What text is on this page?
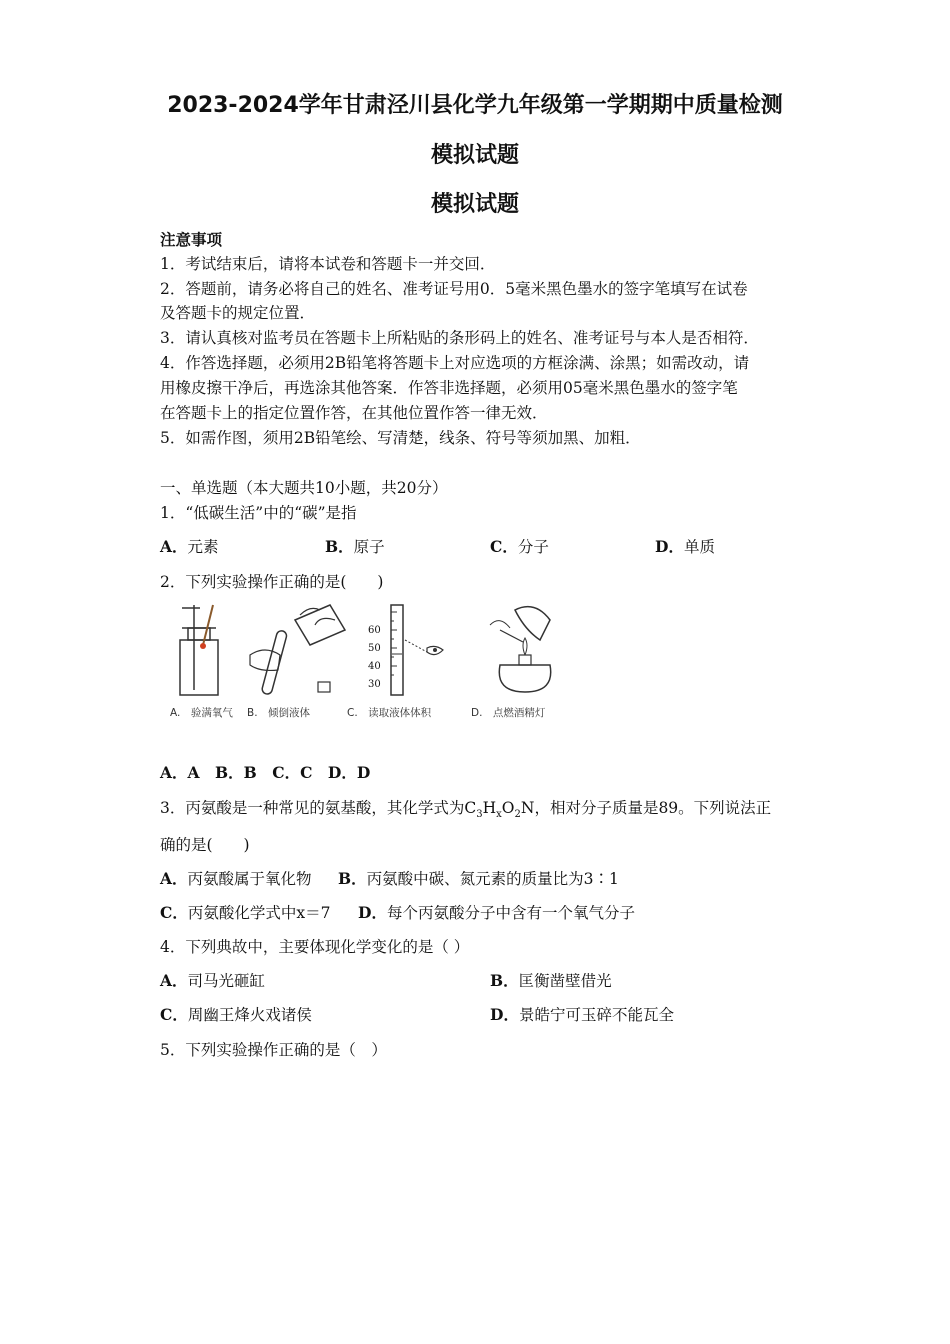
2023-2024学年甘肃泾川县化学九年级第一学期期中质量检测
模拟试题
模拟试题
注意事项
1．考试结束后，请将本试卷和答题卡一并交回．
2．答题前，请务必将自己的姓名、准考证号用0．5毫米黑色墨水的签字笔填写在试卷
及答题卡的规定位置．
3．请认真核对监考员在答题卡上所粘贴的条形码上的姓名、准考证号与本人是否相符．
4．作答选择题，必须用2B铅笔将答题卡上对应选项的方框涂满、涂黑；如需改动，请
用橡皮擦干净后，再选涂其他答案．作答非选择题，必须用05毫米黑色墨水的签字笔
在答题卡上的指定位置作答，在其他位置作答一律无效．
5．如需作图，须用2B铅笔绘、写清楚，线条、符号等须加黑、加粗．
一、单选题（本大题共10小题，共20分）
1．“低碳生活”中的“碳”是指
A．元素	B．原子	C．分子	D．单质
2．下列实验操作正确的是(　　)
60
50
40
30
A.　验满氧气 B.　倾倒液体	C.　读取液体体积	D.　点燃酒精灯
A．A　B．B　C．C　D．D
3．丙氨酸是一种常见的氨基酸，其化学式为$C_3H_xO_2N$，相对分子质量是89。下列说法正
确的是(　　)
A．丙氨酸属于氧化物 B．丙氨酸中碳、氮元素的质量比为3∶1
C．丙氨酸化学式中x＝7 D．每个丙氨酸分子中含有一个氧气分子
4．下列典故中，主要体现化学变化的是（ ）
A．司马光砸缸	B．匡衡凿壁借光
C．周幽王烽火戏诸侯	D．景皓宁可玉碎不能瓦全
5．下列实验操作正确的是（　）
